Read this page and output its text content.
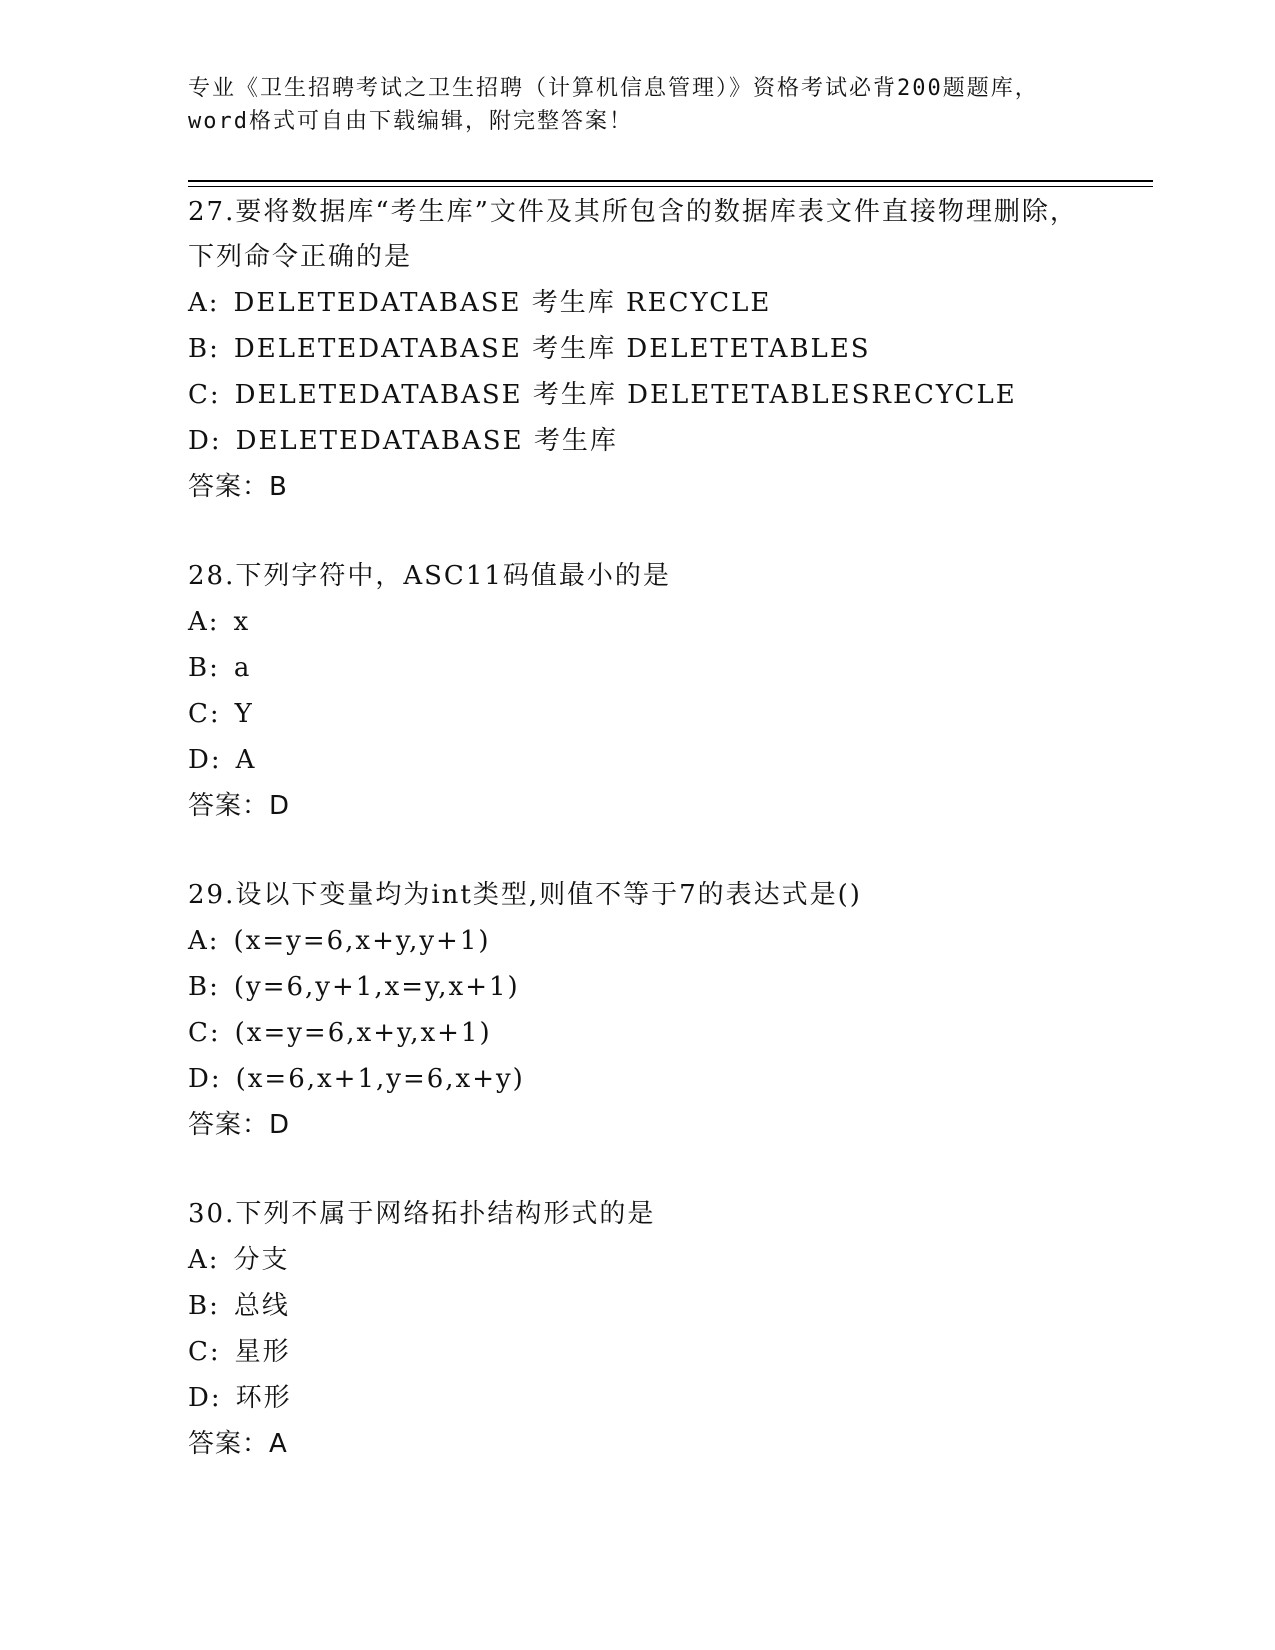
专业《卫生招聘考试之卫生招聘（计算机信息管理）》资格考试必背200题题库，
word格式可自由下载编辑，附完整答案！
27.要将数据库“考生库”文件及其所包含的数据库表文件直接物理删除，下列命令正确的是
A: DELETEDATABASE 考生库 RECYCLE
B: DELETEDATABASE 考生库 DELETETABLES
C: DELETEDATABASE 考生库 DELETETABLESRECYCLE
D: DELETEDATABASE 考生库
答案：B
28.下列字符中，ASC11码值最小的是
A: x
B: a
C: Y
D: A
答案：D
29.设以下变量均为int类型,则值不等于7的表达式是()
A: (x=y=6,x+y,y+1)
B: (y=6,y+1,x=y,x+1)
C: (x=y=6,x+y,x+1)
D: (x=6,x+1,y=6,x+y)
答案：D
30.下列不属于网络拓扑结构形式的是
A: 分支
B: 总线
C: 星形
D: 环形
答案：A
